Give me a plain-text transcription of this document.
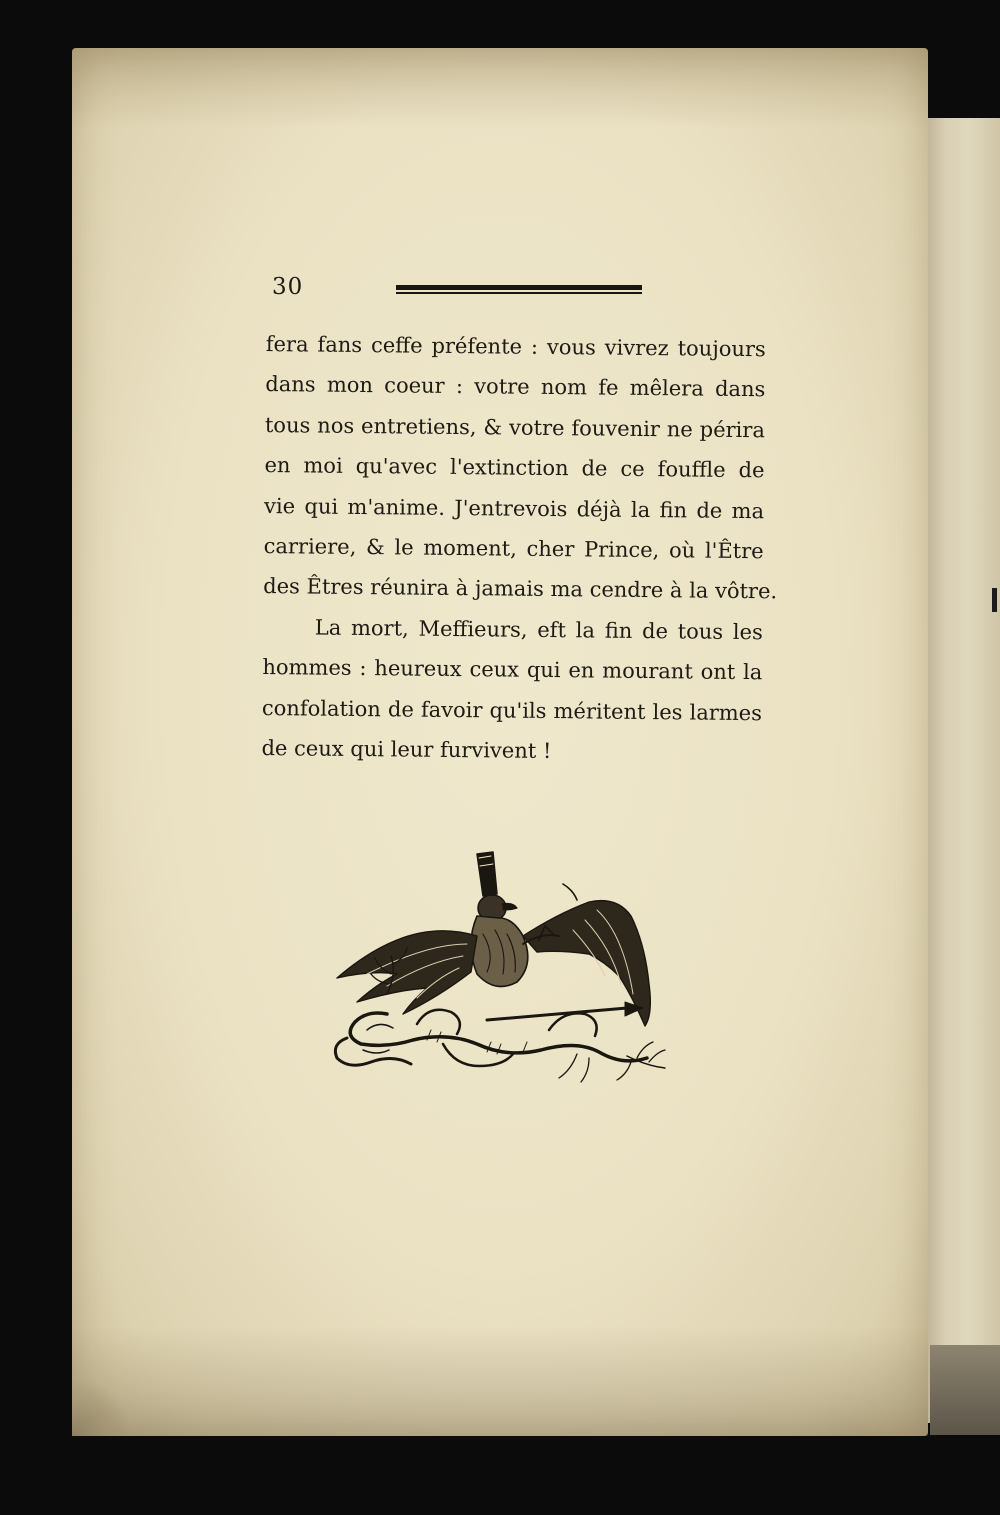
30
fera fans ceffe préfente : vous vivrez toujours
dans mon coeur : votre nom fe mêlera dans
tous nos entretiens, & votre fouvenir ne périra
en moi qu'avec l'extinction de ce fouffle de
vie qui m'anime. J'entrevois déjà la fin de ma
carriere, & le moment, cher Prince, où l'Être
des Êtres réunira à jamais ma cendre à la vôtre.
La mort, Meffieurs, eft la fin de tous les
hommes : heureux ceux qui en mourant ont la
confolation de favoir qu'ils méritent les larmes
de ceux qui leur furvivent !
